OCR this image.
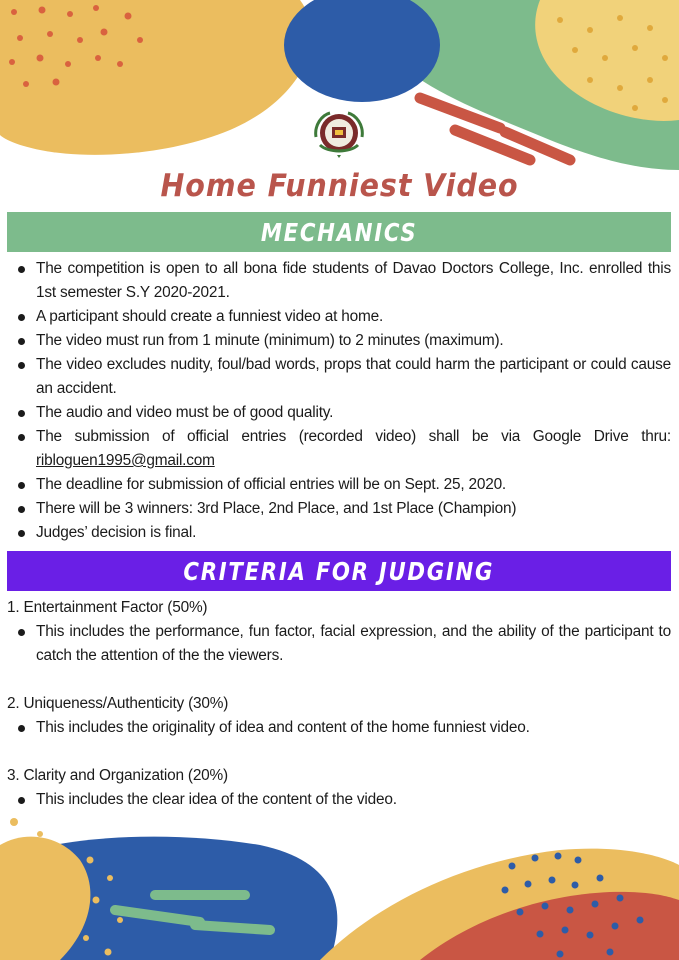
Home Funniest Video
MECHANICS
The competition is open to all bona fide students of Davao Doctors College, Inc. enrolled this 1st semester S.Y 2020-2021.
A participant should create a funniest video at home.
The video must run from 1 minute (minimum) to 2 minutes (maximum).
The video excludes nudity, foul/bad words, props that could harm the participant or could cause an accident.
The audio and video must be of good quality.
The submission of official entries (recorded video) shall be via Google Drive thru: ribloguen1995@gmail.com
The deadline for submission of official entries will be on Sept. 25, 2020.
There will be 3 winners: 3rd Place, 2nd Place, and 1st Place (Champion)
Judges’ decision is final.
CRITERIA FOR JUDGING
1. Entertainment Factor (50%)
This includes the performance, fun factor, facial expression, and the ability of the participant to catch the attention of the the viewers.
2. Uniqueness/Authenticity (30%)
This includes the originality of idea and content of the home funniest video.
3. Clarity and Organization (20%)
This includes the clear idea of the content of the video.
